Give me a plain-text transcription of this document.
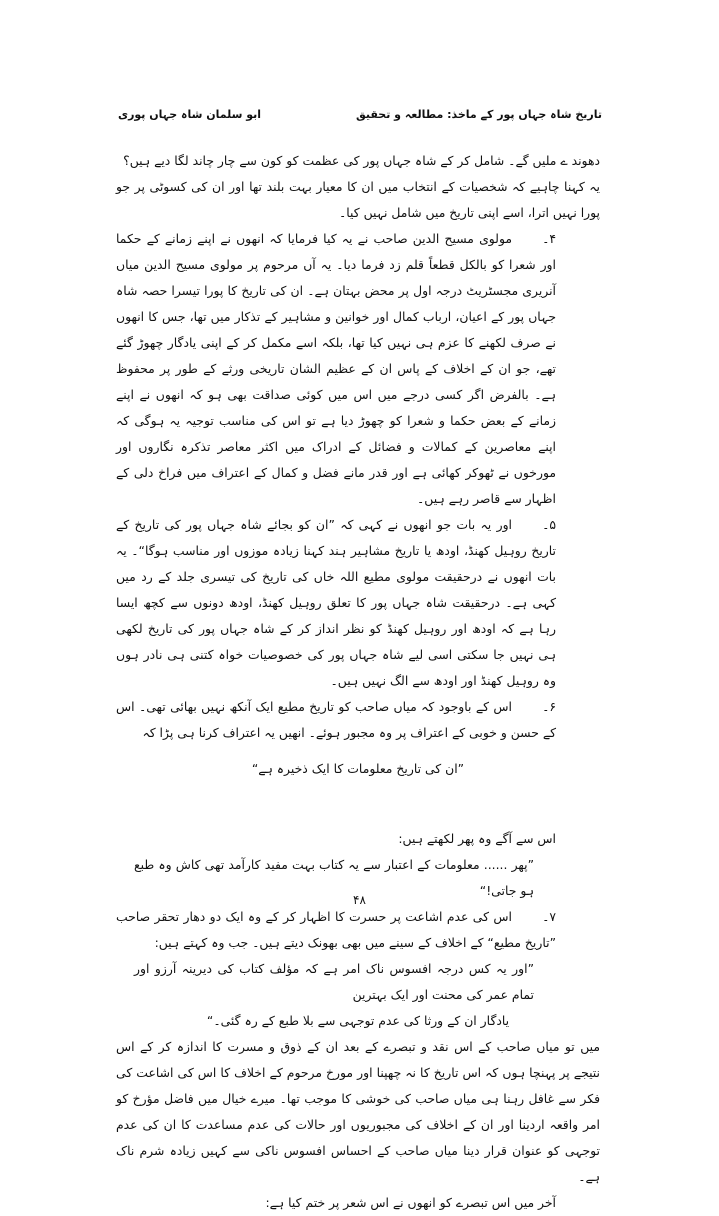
تاریخ شاہ جہاں پور کے ماخذ: مطالعہ و تحقیق
ابو سلمان شاہ جہاں پوری

دھوند ے ملیں گے۔ شامل کر کے شاہ جہاں پور کی عظمت کو کون سے چار چاند لگا دیے ہیں؟

یہ کہنا چاہیے کہ شخصیات کے انتخاب میں ان کا معیار بہت بلند تھا اور ان کی کسوٹی پر جو پورا نہیں اترا، اسے اپنی تاریخ میں شامل نہیں کیا۔

۴۔مولوی مسیح الدین صاحب نے یہ کیا فرمایا کہ انھوں نے اپنے زمانے کے حکما اور شعرا کو بالکل قطعاً قلم زد فرما دیا۔ یہ آں مرحوم پر مولوی مسیح الدین میاں آنریری مجسٹریٹ درجہ اول پر محض بہتان ہے۔ ان کی تاریخ کا پورا تیسرا حصہ شاہ جہاں پور کے اعیان، ارباب کمال اور خوانین و مشاہیر کے تذکار میں تھا، جس کا انھوں نے صرف لکھنے کا عزم ہی نہیں کیا تھا، بلکہ اسے مکمل کر کے اپنی یادگار چھوڑ گئے تھے، جو ان کے اخلاف کے پاس ان کے عظیم الشان تاریخی ورثے کے طور پر محفوظ ہے۔ بالفرض اگر کسی درجے میں اس میں کوئی صداقت بھی ہو کہ انھوں نے اپنے زمانے کے بعض حکما و شعرا کو چھوڑ دیا ہے تو اس کی مناسب توجیہ یہ ہوگی کہ اپنے معاصرین کے کمالات و فضائل کے ادراک میں اکثر معاصر تذکرہ نگاروں اور مورخوں نے ٹھوکر کھائی ہے اور قدر مانے فضل و کمال کے اعتراف میں فراخ دلی کے اظہار سے قاصر رہے ہیں۔

۵۔اور یہ بات جو انھوں نے کہی کہ ”ان کو بجائے شاہ جہاں پور کی تاریخ کے تاریخ روہیل کھنڈ، اودھ یا تاریخ مشاہیر ہند کہنا زیادہ موزوں اور مناسب ہوگا“۔ یہ بات انھوں نے درحقیقت مولوی مطیع اللہ خاں کی تاریخ کی تیسری جلد کے رد میں کہی ہے۔ درحقیقت شاہ جہاں پور کا تعلق روہیل کھنڈ، اودھ دونوں سے کچھ ایسا رہا ہے کہ اودھ اور روہیل کھنڈ کو نظر انداز کر کے شاہ جہاں پور کی تاریخ لکھی ہی نہیں جا سکتی اسی لیے شاہ جہاں پور کی خصوصیات خواہ کتنی ہی نادر ہوں وہ روہیل کھنڈ اور اودھ سے الگ نہیں ہیں۔

۶۔اس کے باوجود کہ میاں صاحب کو تاریخ مطیع ایک آنکھ نہیں بھائی تھی۔ اس کے حسن و خوبی کے اعتراف پر وہ مجبور ہوئے۔ انھیں یہ اعتراف کرنا ہی پڑا کہ

”ان کی تاریخ معلومات کا ایک ذخیرہ ہے“

اس سے آگے وہ پھر لکھتے ہیں:

”پھر ...... معلومات کے اعتبار سے یہ کتاب بہت مفید کارآمد تھی کاش وہ طبع ہو جاتی!“

۷۔اس کی عدم اشاعت پر حسرت کا اظہار کر کے وہ ایک دو دھار تحقر صاحب ”تاریخ مطیع“ کے اخلاف کے سینے میں بھی بھونک دیتے ہیں۔ جب وہ کہتے ہیں:

”اور یہ کس درجہ افسوس ناک امر ہے کہ مؤلف کتاب کی دیرینہ آرزو اور تمام عمر کی محنت اور ایک بہترین

یادگار ان کے ورثا کی عدم توجہی سے بلا طبع کے رہ گئی۔“

میں تو میاں صاحب کے اس نقد و تبصرے کے بعد ان کے ذوق و مسرت کا اندازہ کر کے اس نتیجے پر پہنچا ہوں کہ اس تاریخ کا نہ چھپنا اور مورخ مرحوم کے اخلاف کا اس کی اشاعت کی فکر سے غافل رہنا ہی میاں صاحب کی خوشی کا موجب تھا۔ میرے خیال میں فاضل مؤرخ کو امر واقعہ اردینا اور ان کے اخلاف کی مجبوریوں اور حالات کی عدم مساعدت کا ان کی عدم توجہی کو عنوان قرار دینا میاں صاحب کے احساس افسوس ناکی سے کہیں زیادہ شرم ناک ہے۔

آخر میں اس تبصرے کو انھوں نے اس شعر پر ختم کیا ہے:

۴۸
